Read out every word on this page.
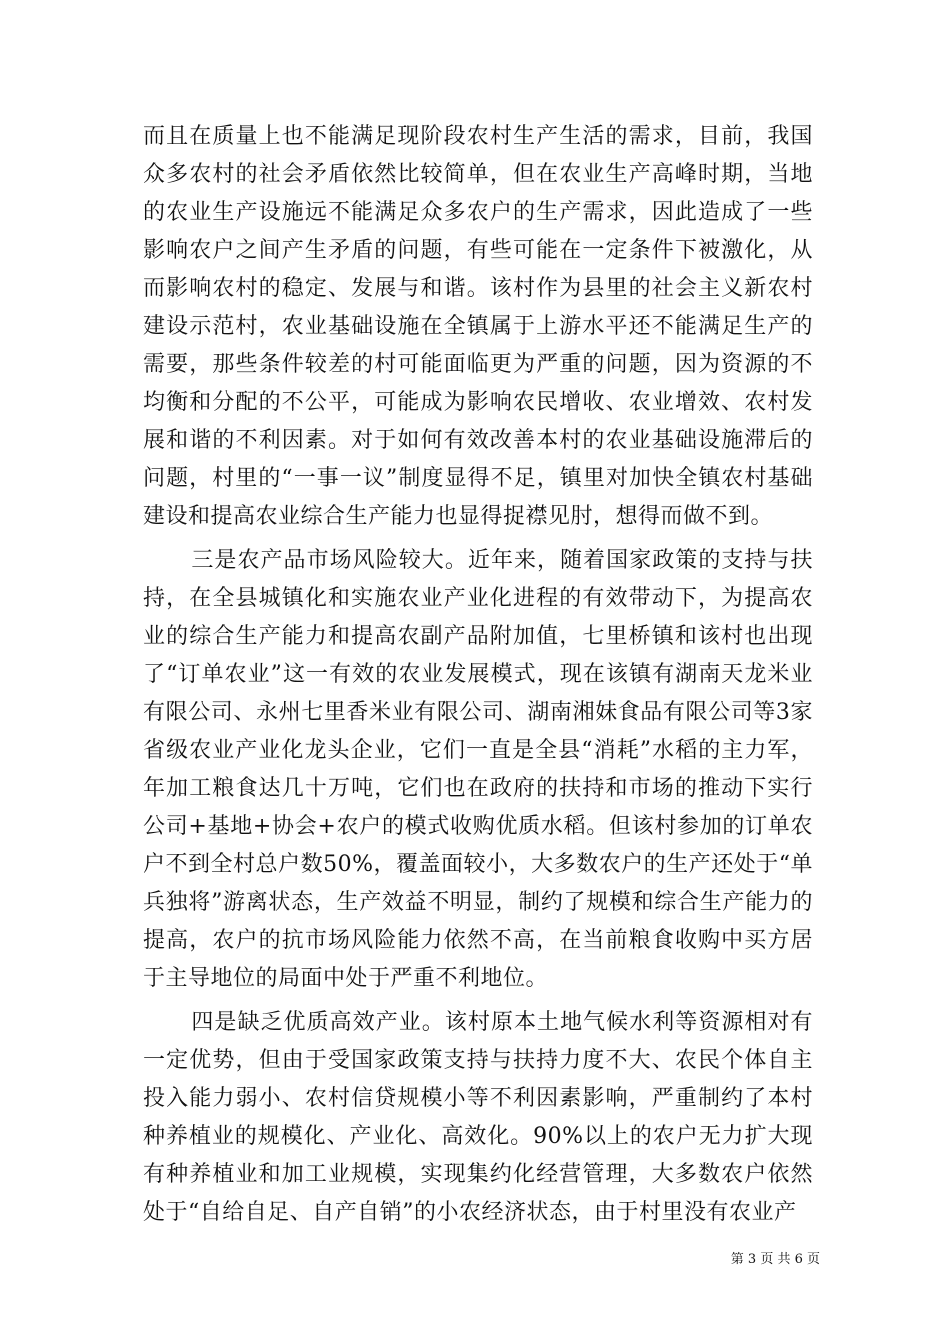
而且在质量上也不能满足现阶段农村生产生活的需求，目前，我国众多农村的社会矛盾依然比较简单，但在农业生产高峰时期，当地的农业生产设施远不能满足众多农户的生产需求，因此造成了一些影响农户之间产生矛盾的问题，有些可能在一定条件下被激化，从而影响农村的稳定、发展与和谐。该村作为县里的社会主义新农村建设示范村，农业基础设施在全镇属于上游水平还不能满足生产的需要，那些条件较差的村可能面临更为严重的问题，因为资源的不均衡和分配的不公平，可能成为影响农民增收、农业增效、农村发展和谐的不利因素。对于如何有效改善本村的农业基础设施滞后的问题，村里的“一事一议”制度显得不足，镇里对加快全镇农村基础建设和提高农业综合生产能力也显得捉襟见肘，想得而做不到。

三是农产品市场风险较大。近年来，随着国家政策的支持与扶持，在全县城镇化和实施农业产业化进程的有效带动下，为提高农业的综合生产能力和提高农副产品附加值，七里桥镇和该村也出现了“订单农业”这一有效的农业发展模式，现在该镇有湖南天龙米业有限公司、永州七里香米业有限公司、湖南湘妹食品有限公司等3家省级农业产业化龙头企业，它们一直是全县“消耗”水稻的主力军，年加工粮食达几十万吨，它们也在政府的扶持和市场的推动下实行公司+基地+协会+农户的模式收购优质水稻。但该村参加的订单农户不到全村总户数50%，覆盖面较小，大多数农户的生产还处于“单兵独将”游离状态，生产效益不明显，制约了规模和综合生产能力的提高，农户的抗市场风险能力依然不高，在当前粮食收购中买方居于主导地位的局面中处于严重不利地位。

四是缺乏优质高效产业。该村原本土地气候水利等资源相对有一定优势，但由于受国家政策支持与扶持力度不大、农民个体自主投入能力弱小、农村信贷规模小等不利因素影响，严重制约了本村种养植业的规模化、产业化、高效化。90%以上的农户无力扩大现有种养植业和加工业规模，实现集约化经营管理，大多数农户依然处于“自给自足、自产自销”的小农经济状态，由于村里没有农业产

第 3 页 共 6 页
